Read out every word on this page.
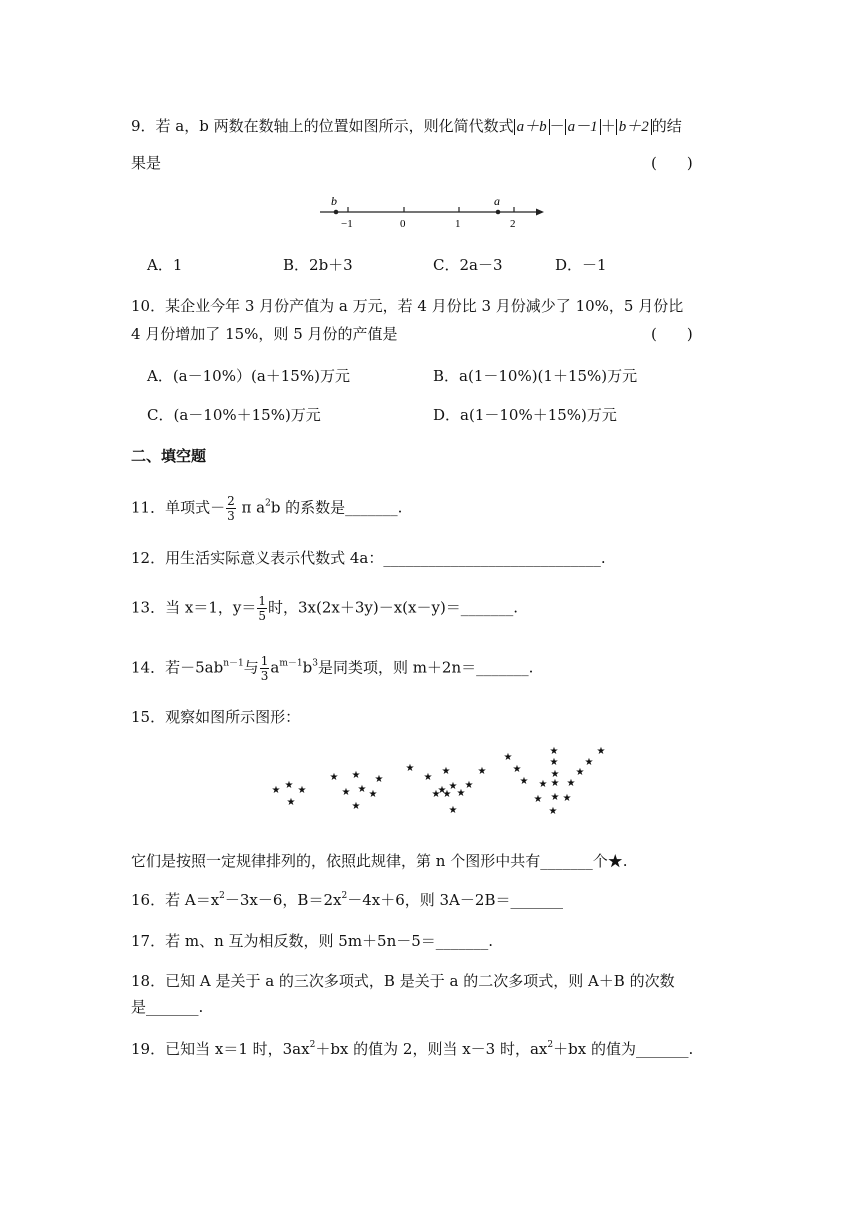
9．若 a，b 两数在数轴上的位置如图所示，则化简代数式 a＋b － a－1 ＋ b＋2 的结
果是	(　　)
b	a
−1	0	1	2
A．1	B．2b＋3	C．2a－3	D．－1
10．某企业今年 3 月份产值为 a 万元，若 4 月份比 3 月份减少了 10%，5 月份比
4 月份增加了 15%，则 5 月份的产值是	(　　)
A．(a－10%）(a＋15%)万元	B．a(1－10%)(1＋15%)万元
C．(a－10%＋15%)万元	D．a(1－10%＋15%)万元
二、填空题
11．单项式－ $\frac{2}{3}$ π $a^2b$ 的系数是_______.
12．用生活实际意义表示代数式 4a：_____________________________.
13．当 x＝1，$y= \frac{1}{5}$ 时，3x(2x＋3y)－x(x－y)＝_______.
14．若$-5ab^{n-1}$与 $\frac{1}{3} a^{m-1}b^3$是同类项，则 m＋2n＝_______.
15．观察如图所示图形：
★ ★ ★
★
★ ★ ★
★ ★ ★
★
★
★
★	★
★ ★ ★
★ ★ ★
★
★
★
★
★
★
★
★
★
★ ★ ★ ★
★ ★ ★
★
它们是按照一定规律排列的，依照此规律，第 n 个图形中共有_______个★.
16．若 $A=x^2-3x-6$，$B=2x^2-4x+6$，则 3A－2B＝_______
17．若 m、n 互为相反数，则 5m＋5n－5＝_______.
18．已知 A 是关于 a 的三次多项式，B 是关于 a 的二次多项式，则 A＋B 的次数
是_______.
19．已知当 x＝1 时，$3ax^2+bx$ 的值为 2，则当 x－3 时，$ax^2+bx$ 的值为_______.
